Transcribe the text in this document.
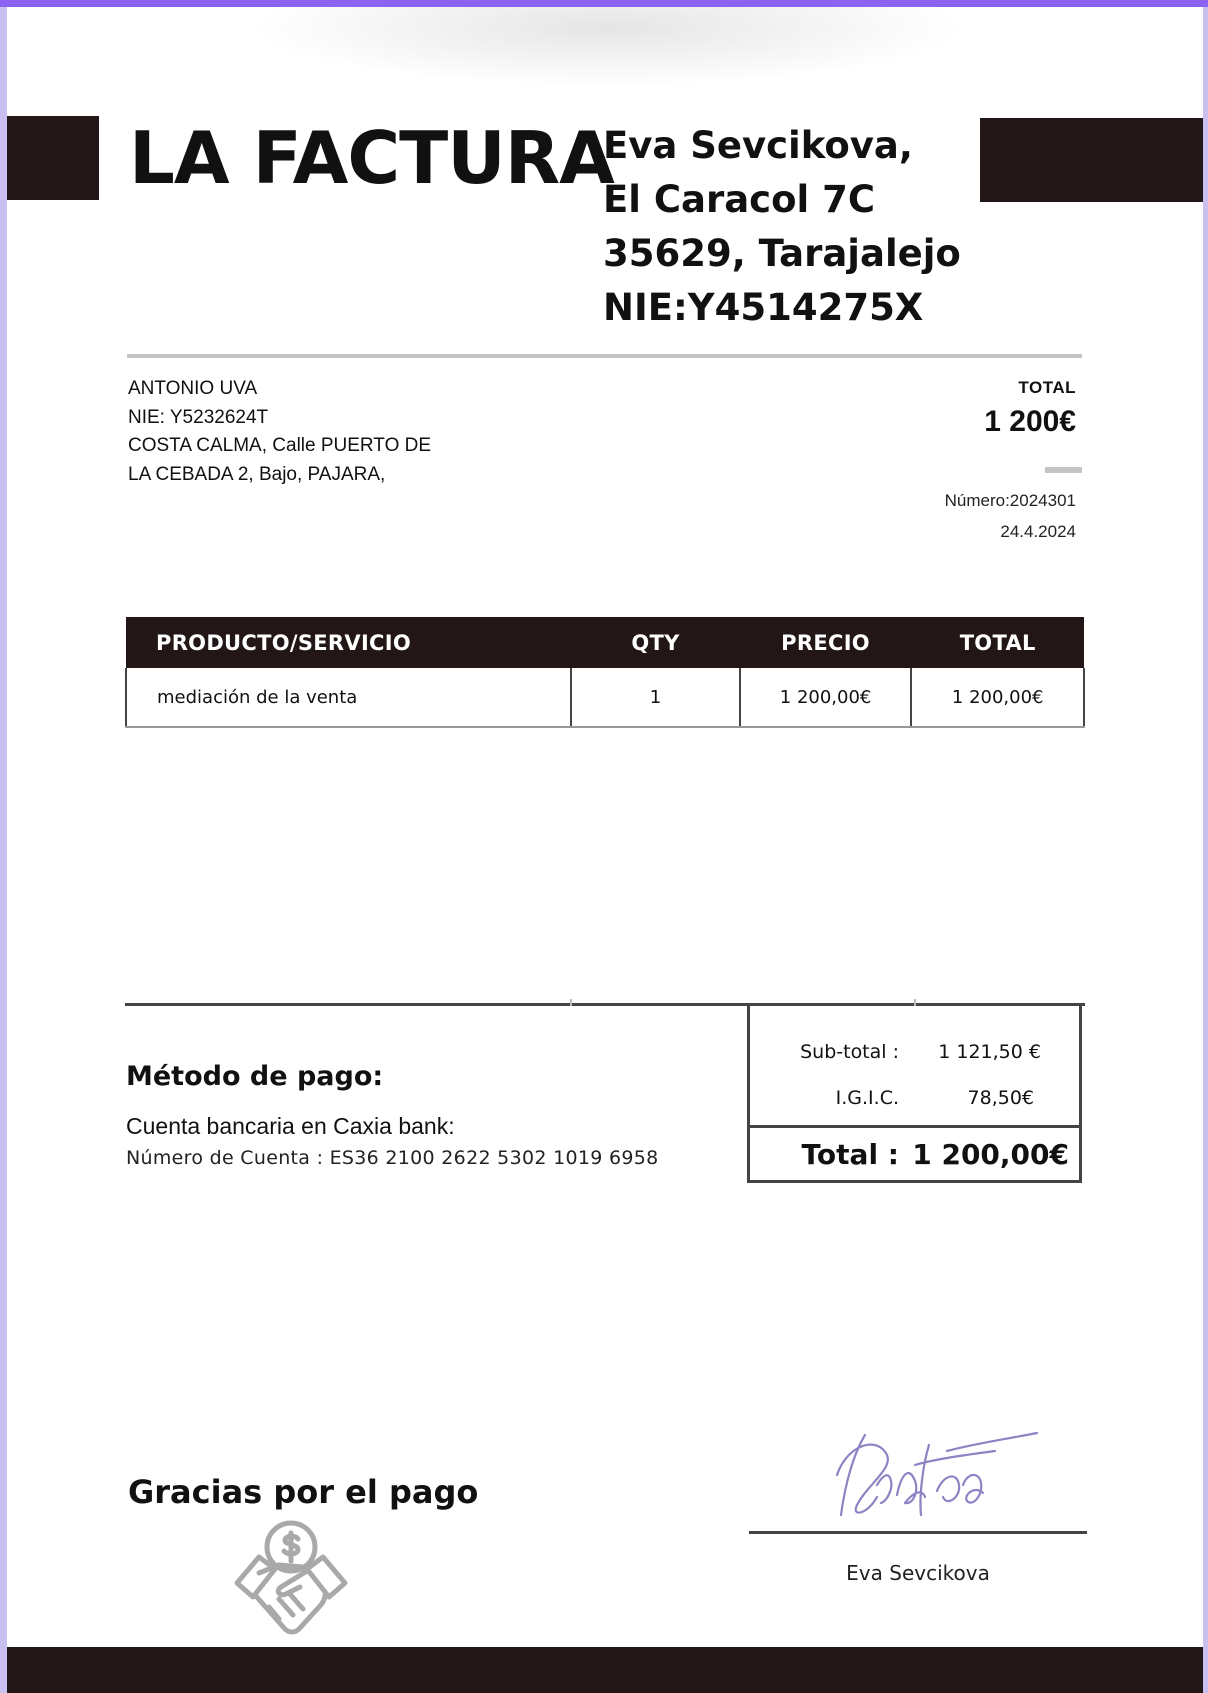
LA FACTURA
Eva Sevcikova,
El Caracol 7C
35629, Tarajalejo
NIE:Y4514275X
ANTONIO UVA
NIE: Y5232624T
COSTA CALMA, Calle PUERTO DE
LA CEBADA 2, Bajo, PAJARA,
TOTAL
1 200€
Número:2024301
24.4.2024
PRODUCTO/SERVICIO	QTY	PRECIO	TOTAL
mediación de la venta	1	1 200,00€	1 200,00€
Método de pago:
Cuenta bancaria en Caxia bank:
Número de Cuenta : ES36 2100 2622 5302 1019 6958
Sub-total : 1 121,50 €
I.G.I.C.	78,50€
Total : 1 200,00€
Gracias por el pago
Eva Sevcikova
